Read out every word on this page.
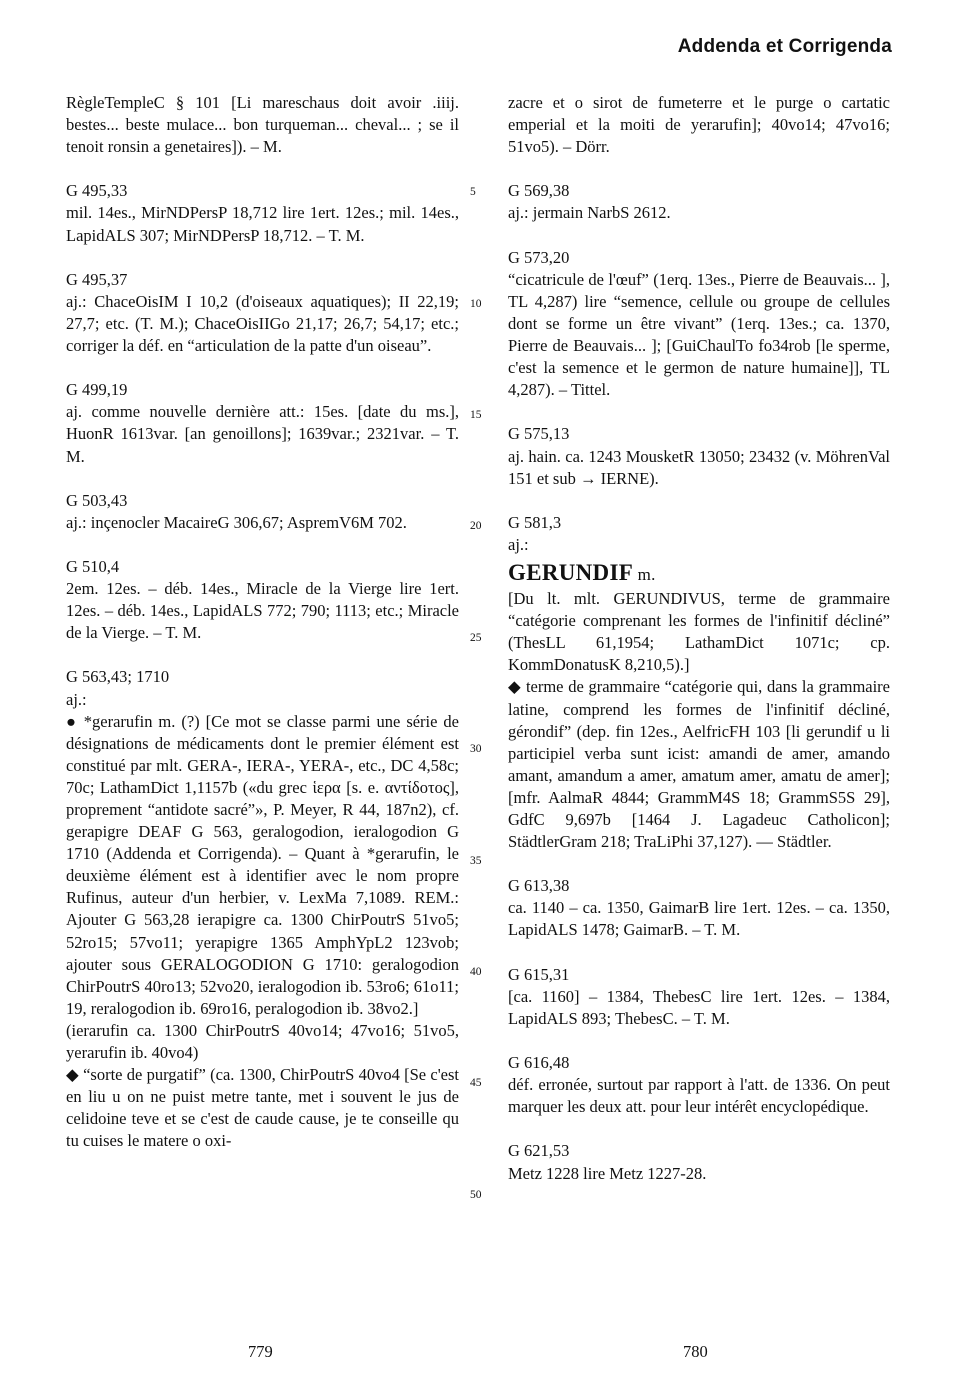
Addenda et Corrigenda

RègleTempleC § 101 [Li mareschaus doit avoir .iiij. bestes... beste mulace... bon turqueman... cheval... ; se il tenoit ronsin a genetaires]). – M.

G 495,33

mil. 14es., MirNDPersP 18,712 lire 1ert. 12es.; mil. 14es., LapidALS 307; MirNDPersP 18,712. – T. M.

G 495,37

aj.: ChaceOisIM I 10,2 (d'oiseaux aquatiques); II 22,19; 27,7; etc. (T. M.); ChaceOisIIGo 21,17; 26,7; 54,17; etc.; corriger la déf. en “articulation de la patte d'un oiseau”.

G 499,19

aj. comme nouvelle dernière att.: 15es. [date du ms.], HuonR 1613var. [an genoillons]; 1639var.; 2321var. – T. M.

G 503,43

aj.: inçenocler MacaireG 306,67; AspremV6M 702.

G 510,4

2em. 12es. – déb. 14es., Miracle de la Vierge lire 1ert. 12es. – déb. 14es., LapidALS 772; 790; 1113; etc.; Miracle de la Vierge. – T. M.

G 563,43; 1710

aj.:

● *gerarufin m. (?) [Ce mot se classe parmi une série de désignations de médicaments dont le premier élément est constitué par mlt. GERA-, IERA-, YERA-, etc., DC 4,58c; 70c; LathamDict 1,1157b («du grec ἱερα [s. e. αντίδοτος], proprement “antidote sacré”», P. Meyer, R 44, 187n2), cf. gerapigre DEAF G 563, geralogodion, ieralogodion G 1710 (Addenda et Corrigenda). – Quant à *gerarufin, le deuxième élément est à identifier avec le nom propre Rufinus, auteur d'un herbier, v. LexMa 7,1089. REM.: Ajouter G 563,28 ierapigre ca. 1300 ChirPoutrS 51vo5; 52ro15; 57vo11; yerapigre 1365 AmphYpL2 123vob; ajouter sous GERALOGODION G 1710: geralogodion ChirPoutrS 40ro13; 52vo20, ieralogodion ib. 53ro6; 61o11; 19, reralogodion ib. 69ro16, peralogodion ib. 38vo2.]

(ierarufin ca. 1300 ChirPoutrS 40vo14; 47vo16; 51vo5, yerarufin ib. 40vo4)

◆ “sorte de purgatif” (ca. 1300, ChirPoutrS 40vo4 [Se c'est en liu u on ne puist metre tante, met i souvent le jus de celidoine teve et se c'est de caude cause, je te conseille qu tu cuises le matere o oxi-

zacre et o sirot de fumeterre et le purge o cartatic emperial et la moiti de yerarufin]; 40vo14; 47vo16; 51vo5). – Dörr.

G 569,38

aj.: jermain NarbS 2612.

G 573,20

“cicatricule de l'œuf” (1erq. 13es., Pierre de Beauvais... ], TL 4,287) lire “semence, cellule ou groupe de cellules dont se forme un être vivant” (1erq. 13es.; ca. 1370, Pierre de Beauvais... ]; [GuiChaulTo fo34rob [le sperme, c'est la semence et le germon de nature humaine]], TL 4,287). – Tittel.

G 575,13

aj. hain. ca. 1243 MousketR 13050; 23432 (v. MöhrenVal 151 et sub → IERNE).

G 581,3

aj.:

GERUNDIF m.

[Du lt. mlt. GERUNDIVUS, terme de grammaire “catégorie comprenant les formes de l'infinitif décliné” (ThesLL 61,1954; LathamDict 1071c; cp. KommDonatusK 8,210,5).]

◆ terme de grammaire “catégorie qui, dans la grammaire latine, comprend les formes de l'infinitif décliné, gérondif” (dep. fin 12es., AelfricFH 103 [li gerundif u li participiel verba sunt icist: amandi de amer, amando amant, amandum a amer, amatum amer, amatu de amer]; [mfr. AalmaR 4844; GrammM4S 18; GrammS5S 29], GdfC 9,697b [1464 J. Lagadeuc Catholicon]; StädtlerGram 218; TraLiPhi 37,127). — Städtler.

G 613,38

ca. 1140 – ca. 1350, GaimarB lire 1ert. 12es. – ca. 1350, LapidALS 1478; GaimarB. – T. M.

G 615,31

[ca. 1160] – 1384, ThebesC lire 1ert. 12es. – 1384, LapidALS 893; ThebesC. – T. M.

G 616,48

déf. erronée, surtout par rapport à l'att. de 1336. On peut marquer les deux att. pour leur intérêt encyclopédique.

G 621,53

Metz 1228 lire Metz 1227-28.

5
10
15
20
25
30
35
40
45
50
779	780
